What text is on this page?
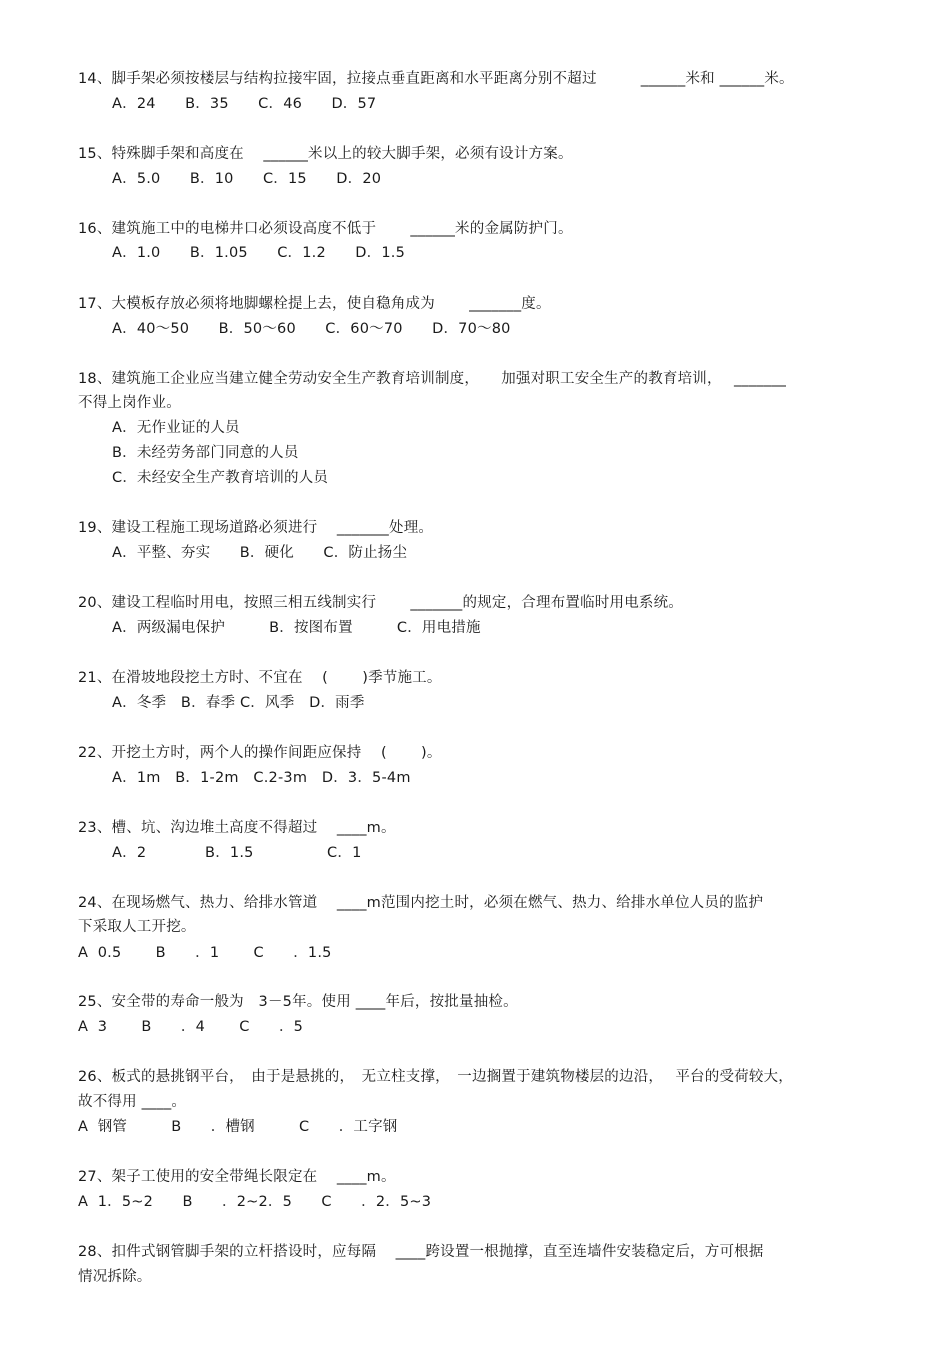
14、脚手架必须按楼层与结构拉接牢固，拉接点垂直距离和水平距离分别不超过　　　______米和 ______米。
A．24　　B．35　　C．46　　D．57
15、特殊脚手架和高度在　 ______米以上的较大脚手架，必须有设计方案。
A．5.0　　B．10　　C．15　　D．20
16、建筑施工中的电梯井口必须设高度不低于　　 ______米的金属防护门。
A．1.0　　B．1.05　　C．1.2　　D．1.5
17、大模板存放必须将地脚螺栓提上去，使自稳角成为　　 _______度。
A．40～50　　B．50～60　　C．60～70　　D．70～80
18、建筑施工企业应当建立健全劳动安全生产教育培训制度，　　加强对职工安全生产的教育培训，　 _______
不得上岗作业。
A．无作业证的人员
B．未经劳务部门同意的人员
C．未经安全生产教育培训的人员
19、建设工程施工现场道路必须进行　 _______处理。
A．平整、夯实　　B．硬化　　C．防止扬尘
20、建设工程临时用电，按照三相五线制实行　　 _______的规定，合理布置临时用电系统。
A．两级漏电保护　　　B．按图布置　　　C．用电措施
21、在滑坡地段挖土方时、不宜在　 (　　 )季节施工。
A．冬季　B．春季 C．风季　D．雨季
22、开挖土方时，两个人的操作间距应保持　 (　　 )。
A．1m　B．1-2m　C.2-3m　D．3．5-4m
23、槽、坑、沟边堆土高度不得超过　 ____m。
A．2　　　　B．1.5　　　　　C．1
24、在现场燃气、热力、给排水管道　 ____m范围内挖土时，必须在燃气、热力、给排水单位人员的监护
下采取人工开挖。
A  0.5　　 B　　．1　　 C　　．1.5
25、安全带的寿命一般为　3－5年。使用 ____年后，按批量抽检。
A  3　　 B　　．4　　 C　　．5
26、板式的悬挑钢平台，　由于是悬挑的，　无立柱支撑，　一边搁置于建筑物楼层的边沿，　 平台的受荷较大，
故不得用 ____。
A  钢管　　　B　　．槽钢　　　C　　．工字钢
27、架子工使用的安全带绳长限定在　 ____m。
A  1．5~2　　B　　．2~2．5　　C　　．2．5~3
28、扣件式钢管脚手架的立杆搭设时，应每隔　 ____跨设置一根抛撑，直至连墙件安装稳定后，方可根据
情况拆除。
